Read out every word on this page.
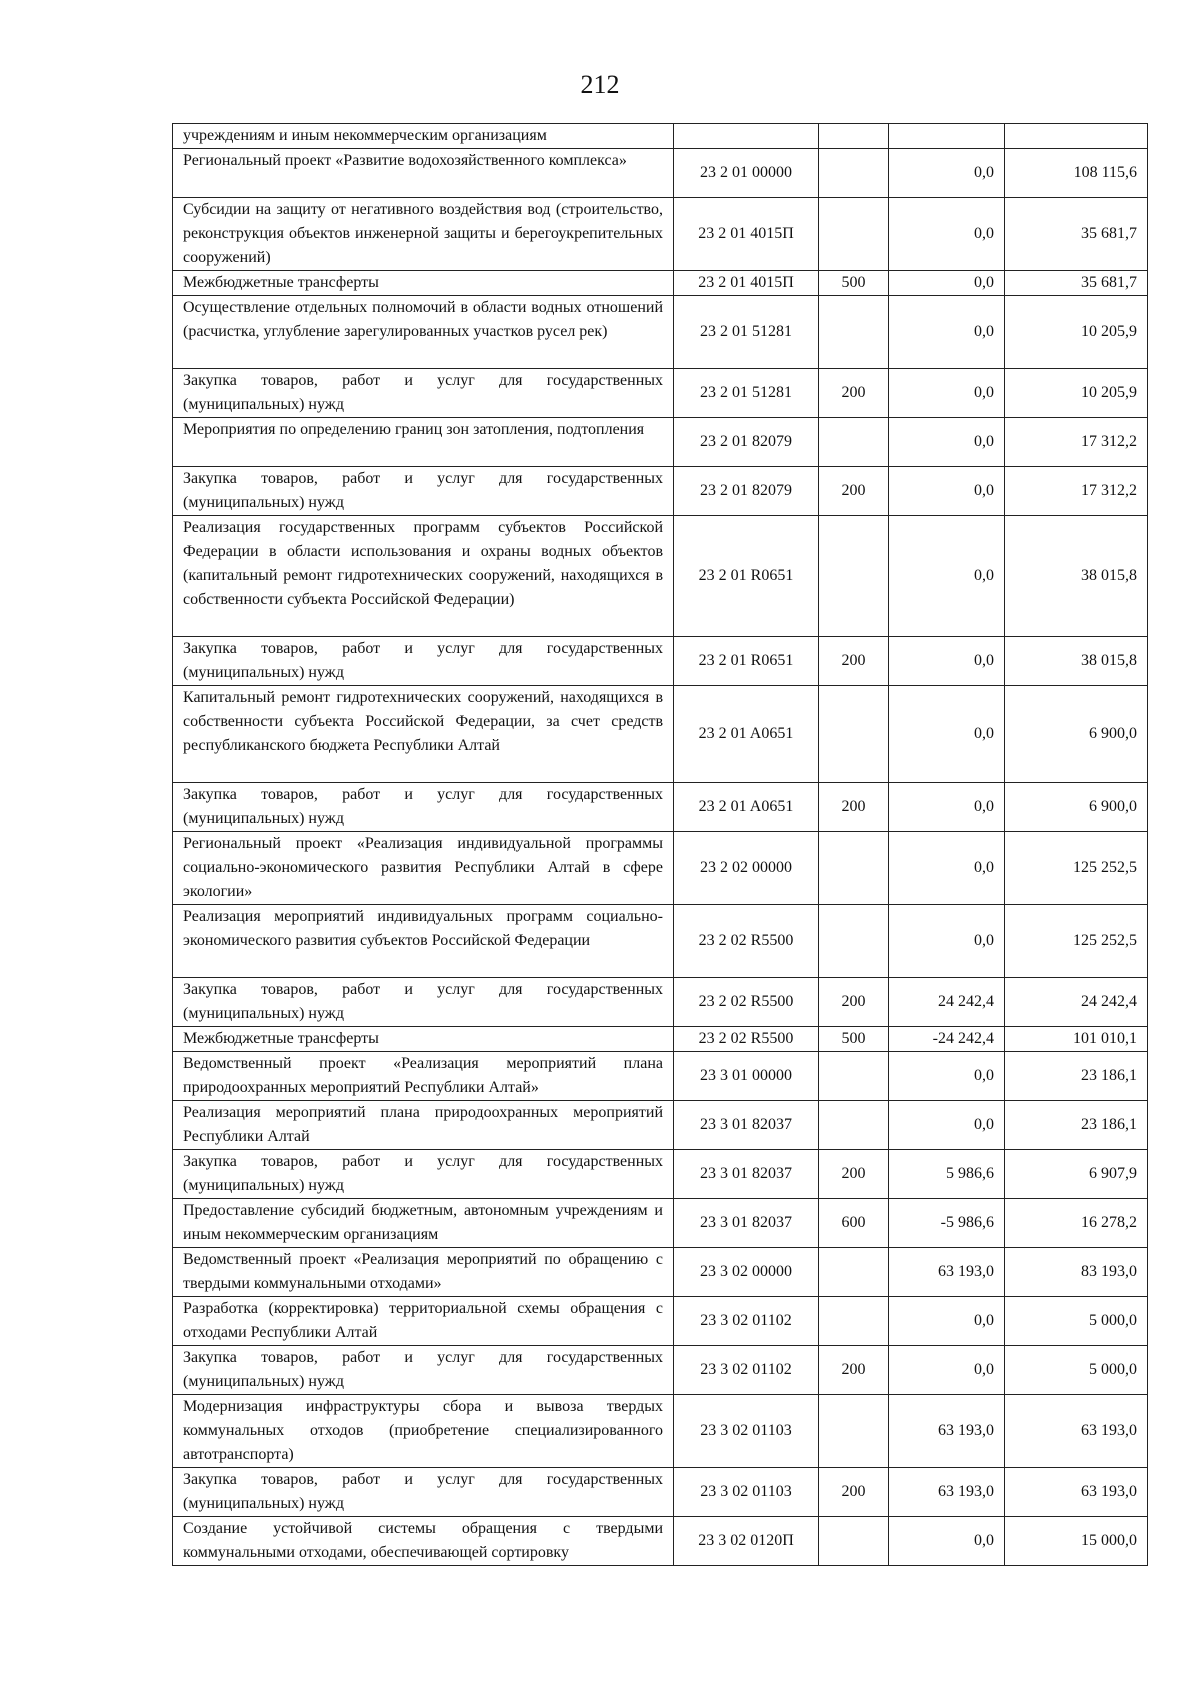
212
учреждениям и иным некоммерческим организациям				
Региональный проект «Развитие водохозяйственного комплекса»	23 2 01 00000		0,0	108 115,6
Субсидии на защиту от негативного воздействия вод (строительство, реконструкция объектов инженерной защиты и берегоукрепительных сооружений)	23 2 01 4015П		0,0	35 681,7
Межбюджетные трансферты	23 2 01 4015П	500	0,0	35 681,7
Осуществление отдельных полномочий в области водных отношений (расчистка, углубление зарегулированных участков русел рек)	23 2 01 51281		0,0	10 205,9
Закупка товаров, работ и услуг для государственных (муниципальных) нужд	23 2 01 51281	200	0,0	10 205,9
Мероприятия по определению границ зон затопления, подтопления	23 2 01 82079		0,0	17 312,2
Закупка товаров, работ и услуг для государственных (муниципальных) нужд	23 2 01 82079	200	0,0	17 312,2
Реализация государственных программ субъектов Российской Федерации в области использования и охраны водных объектов (капитальный ремонт гидротехнических сооружений, находящихся в собственности субъекта Российской Федерации)	23 2 01 R0651		0,0	38 015,8
Закупка товаров, работ и услуг для государственных (муниципальных) нужд	23 2 01 R0651	200	0,0	38 015,8
Капитальный ремонт гидротехнических сооружений, находящихся в собственности субъекта Российской Федерации, за счет средств республиканского бюджета Республики Алтай	23 2 01 A0651		0,0	6 900,0
Закупка товаров, работ и услуг для государственных (муниципальных) нужд	23 2 01 A0651	200	0,0	6 900,0
Региональный проект «Реализация индивидуальной программы социально-экономического развития Республики Алтай в сфере экологии»	23 2 02 00000		0,0	125 252,5
Реализация мероприятий индивидуальных программ социально-экономического развития субъектов Российской Федерации	23 2 02 R5500		0,0	125 252,5
Закупка товаров, работ и услуг для государственных (муниципальных) нужд	23 2 02 R5500	200	24 242,4	24 242,4
Межбюджетные трансферты	23 2 02 R5500	500	-24 242,4	101 010,1
Ведомственный проект «Реализация мероприятий плана природоохранных мероприятий Республики Алтай»	23 3 01 00000		0,0	23 186,1
Реализация мероприятий плана природоохранных мероприятий Республики Алтай	23 3 01 82037		0,0	23 186,1
Закупка товаров, работ и услуг для государственных (муниципальных) нужд	23 3 01 82037	200	5 986,6	6 907,9
Предоставление субсидий бюджетным, автономным учреждениям и иным некоммерческим организациям	23 3 01 82037	600	-5 986,6	16 278,2
Ведомственный проект «Реализация мероприятий по обращению с твердыми коммунальными отходами»	23 3 02 00000		63 193,0	83 193,0
Разработка (корректировка) территориальной схемы обращения с отходами Республики Алтай	23 3 02 01102		0,0	5 000,0
Закупка товаров, работ и услуг для государственных (муниципальных) нужд	23 3 02 01102	200	0,0	5 000,0
Модернизация инфраструктуры сбора и вывоза твердых коммунальных отходов (приобретение специализированного автотранспорта)	23 3 02 01103		63 193,0	63 193,0
Закупка товаров, работ и услуг для государственных (муниципальных) нужд	23 3 02 01103	200	63 193,0	63 193,0
Создание устойчивой системы обращения с твердыми коммунальными отходами, обеспечивающей сортировку	23 3 02 0120П		0,0	15 000,0
